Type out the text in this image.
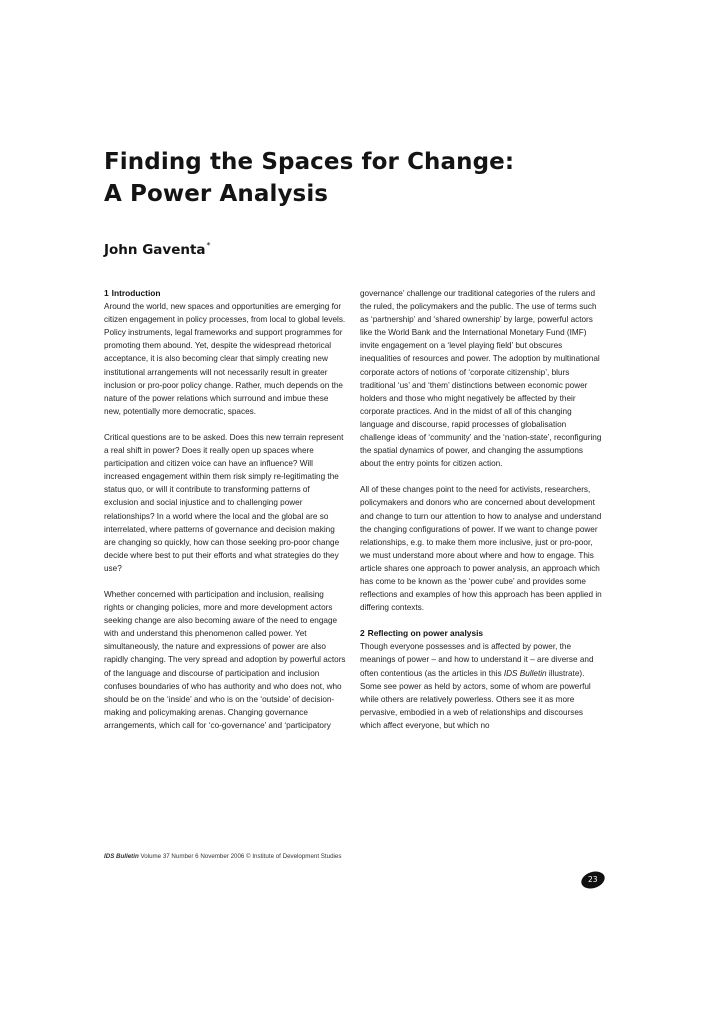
Finding the Spaces for Change:
A Power Analysis
John Gaventa*
1 Introduction

Around the world, new spaces and opportunities are emerging for citizen engagement in policy processes, from local to global levels. Policy instruments, legal frameworks and support programmes for promoting them abound. Yet, despite the widespread rhetorical acceptance, it is also becoming clear that simply creating new institutional arrangements will not necessarily result in greater inclusion or pro-poor policy change. Rather, much depends on the nature of the power relations which surround and imbue these new, potentially more democratic, spaces.

Critical questions are to be asked. Does this new terrain represent a real shift in power? Does it really open up spaces where participation and citizen voice can have an influence? Will increased engagement within them risk simply re-legitimating the status quo, or will it contribute to transforming patterns of exclusion and social injustice and to challenging power relationships? In a world where the local and the global are so interrelated, where patterns of governance and decision making are changing so quickly, how can those seeking pro-poor change decide where best to put their efforts and what strategies do they use?

Whether concerned with participation and inclusion, realising rights or changing policies, more and more development actors seeking change are also becoming aware of the need to engage with and understand this phenomenon called power. Yet simultaneously, the nature and expressions of power are also rapidly changing. The very spread and adoption by powerful actors of the language and discourse of participation and inclusion confuses boundaries of who has authority and who does not, who should be on the ‘inside’ and who is on the ‘outside’ of decision-making and policymaking arenas. Changing governance arrangements, which call for ‘co-governance’ and ‘participatory

governance’ challenge our traditional categories of the rulers and the ruled, the policymakers and the public. The use of terms such as ‘partnership’ and ‘shared ownership’ by large, powerful actors like the World Bank and the International Monetary Fund (IMF) invite engagement on a ‘level playing field’ but obscures inequalities of resources and power. The adoption by multinational corporate actors of notions of ‘corporate citizenship’, blurs traditional ‘us’ and ‘them’ distinctions between economic power holders and those who might negatively be affected by their corporate practices. And in the midst of all of this changing language and discourse, rapid processes of globalisation challenge ideas of ‘community’ and the ‘nation-state’, reconfiguring the spatial dynamics of power, and changing the assumptions about the entry points for citizen action.

All of these changes point to the need for activists, researchers, policymakers and donors who are concerned about development and change to turn our attention to how to analyse and understand the changing configurations of power. If we want to change power relationships, e.g. to make them more inclusive, just or pro-poor, we must understand more about where and how to engage. This article shares one approach to power analysis, an approach which has come to be known as the ‘power cube’ and provides some reflections and examples of how this approach has been applied in differing contexts.

2 Reflecting on power analysis

Though everyone possesses and is affected by power, the meanings of power – and how to understand it – are diverse and often contentious (as the articles in this IDS Bulletin illustrate). Some see power as held by actors, some of whom are powerful while others are relatively powerless. Others see it as more pervasive, embodied in a web of relationships and discourses which affect everyone, but which no

IDS Bulletin Volume 37 Number 6 November 2006 © Institute of Development Studies
23
